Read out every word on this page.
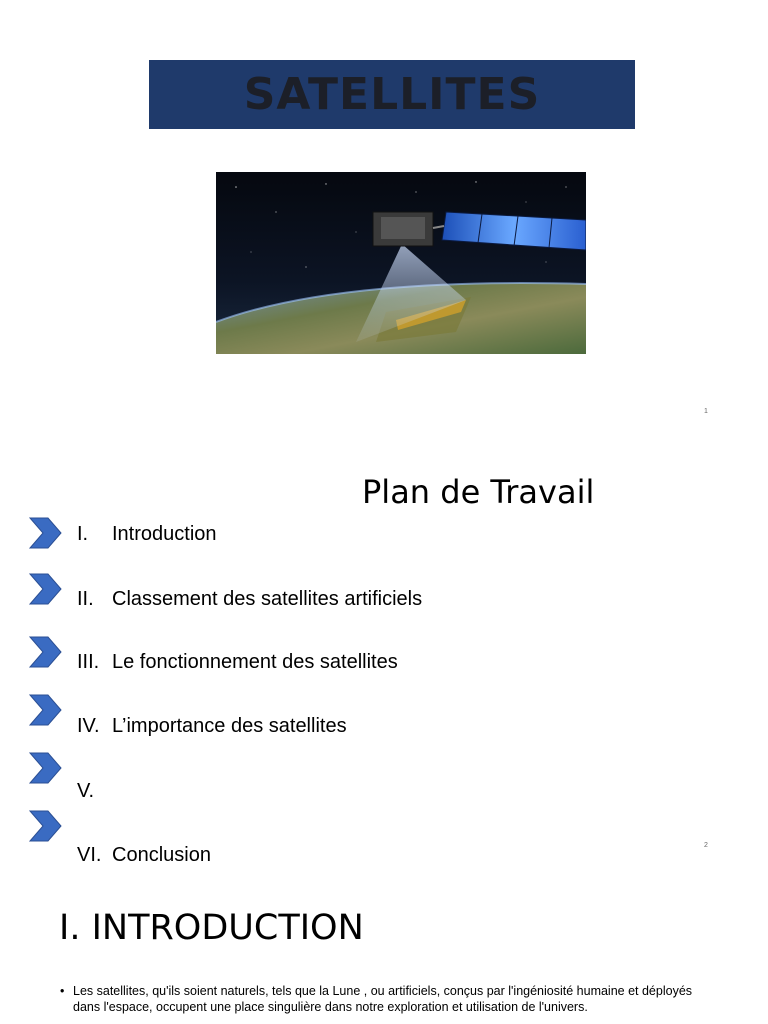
SATELLITES
1
Plan de Travail
I. Introduction
II. Classement des satellites artificiels
III. Le fonctionnement des satellites
IV. L’importance des satellites
V.
VI. Conclusion	2
I. INTRODUCTION
• Les satellites, qu'ils soient naturels, tels que la Lune , ou artificiels, conçus par l'ingéniosité humaine et déployés dans l'espace, occupent une place singulière dans notre exploration et utilisation de l'univers.
